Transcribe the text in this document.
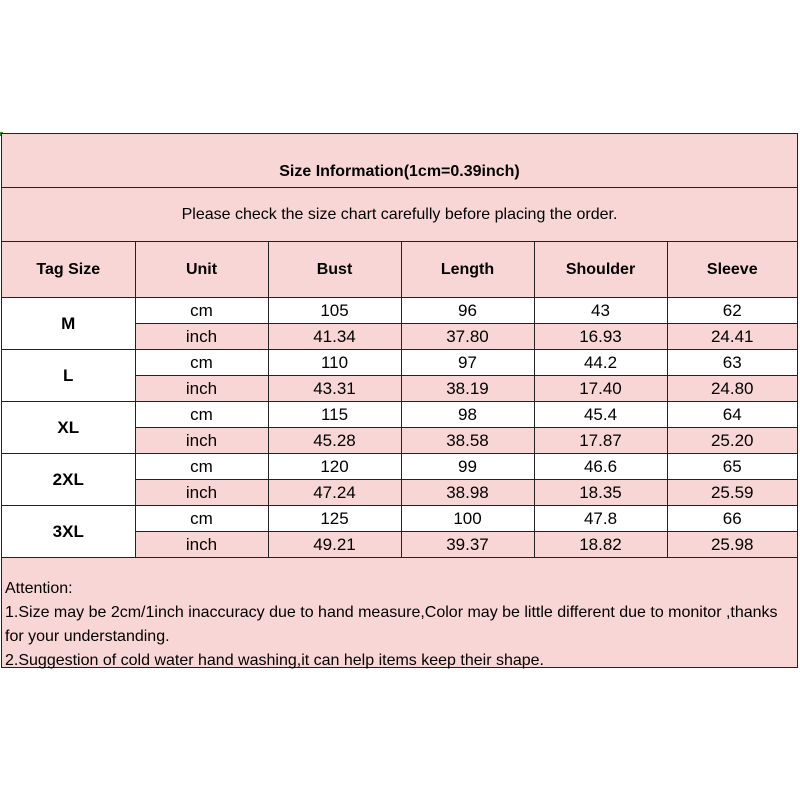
Size Information(1cm=0.39inch)
Please check the size chart carefully before placing the order.
Tag Size	Unit	Bust	Length	Shoulder	Sleeve
M	cm	105	96	43	62
	inch	41.34	37.80	16.93	24.41
L	cm	110	97	44.2	63
	inch	43.31	38.19	17.40	24.80
XL	cm	115	98	45.4	64
	inch	45.28	38.58	17.87	25.20
2XL	cm	120	99	46.6	65
	inch	47.24	38.98	18.35	25.59
3XL	cm	125	100	47.8	66
	inch	49.21	39.37	18.82	25.98
Attention:
1.Size may be 2cm/1inch inaccuracy due to hand measure,Color may be little different due to monitor ,thanks for your understanding.
2.Suggestion of cold water hand washing,it can help items keep their shape.
